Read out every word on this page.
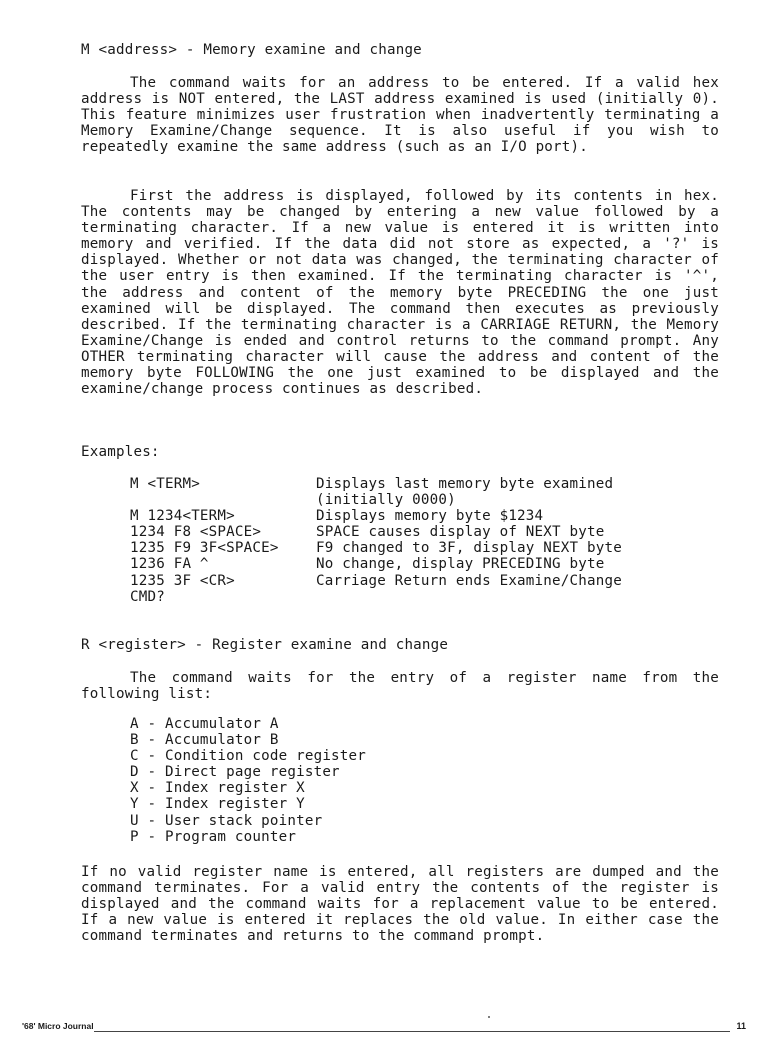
M <address> - Memory examine and change
The command waits for an address to be entered. If a valid hex address is NOT entered, the LAST address examined is used (initially 0). This feature minimizes user frustration when inadvertently terminating a Memory Examine/Change sequence. It is also useful if you wish to repeatedly examine the same address (such as an I/O port).
First the address is displayed, followed by its contents in hex. The contents may be changed by entering a new value followed by a terminating character. If a new value is entered it is written into memory and verified. If the data did not store as expected, a '?' is displayed. Whether or not data was changed, the terminating character of the user entry is then examined. If the terminating character is '^', the address and content of the memory byte PRECEDING the one just examined will be displayed. The command then executes as previously described. If the terminating character is a CARRIAGE RETURN, the Memory Examine/Change is ended and control returns to the command prompt. Any OTHER terminating character will cause the address and content of the memory byte FOLLOWING the one just examined to be displayed and the examine/change process continues as described.
Examples:
M <TERM>	Displays last memory byte examined (initially 0000)
M 1234<TERM>	Displays memory byte $1234
1234 F8 <SPACE>	SPACE causes display of NEXT byte
1235 F9 3F<SPACE>	F9 changed to 3F, display NEXT byte
1236 FA ^	No change, display PRECEDING byte
1235 3F <CR>	Carriage Return ends Examine/Change
CMD?
R <register> - Register examine and change
The command waits for the entry of a register name from the following list:
A - Accumulator A
B - Accumulator B
C - Condition code register
D - Direct page register
X - Index register X
Y - Index register Y
U - User stack pointer
P - Program counter
If no valid register name is entered, all registers are dumped and the command terminates. For a valid entry the contents of the register is displayed and the command waits for a replacement value to be entered. If a new value is entered it replaces the old value. In either case the command terminates and returns to the command prompt.
'68' Micro Journal	11
